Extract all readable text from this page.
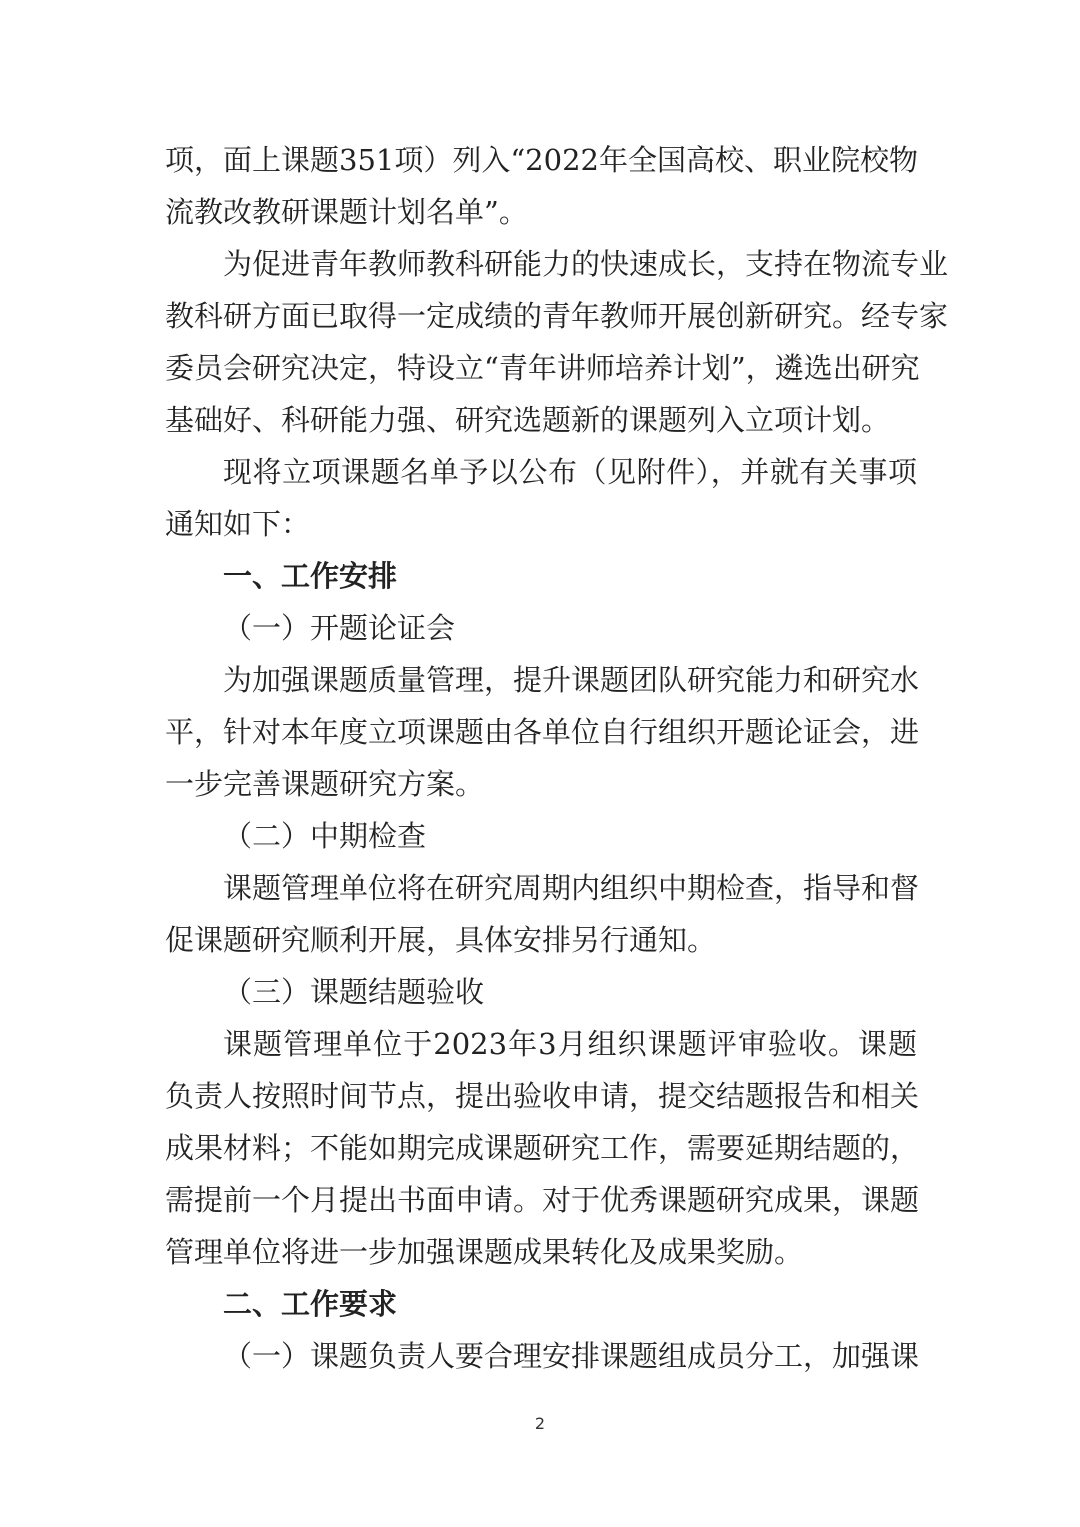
项，面上课题351项）列入“2022年全国高校、职业院校物
流教改教研课题计划名单”。
为促进青年教师教科研能力的快速成长，支持在物流专业
教科研方面已取得一定成绩的青年教师开展创新研究。经专家
委员会研究决定，特设立“青年讲师培养计划”，遴选出研究
基础好、科研能力强、研究选题新的课题列入立项计划。
现将立项课题名单予以公布（见附件），并就有关事项
通知如下：
一、工作安排
（一）开题论证会
为加强课题质量管理，提升课题团队研究能力和研究水
平，针对本年度立项课题由各单位自行组织开题论证会，进
一步完善课题研究方案。
（二）中期检查
课题管理单位将在研究周期内组织中期检查，指导和督
促课题研究顺利开展，具体安排另行通知。
（三）课题结题验收
课题管理单位于2023年3月组织课题评审验收。课题
负责人按照时间节点，提出验收申请，提交结题报告和相关
成果材料；不能如期完成课题研究工作，需要延期结题的，
需提前一个月提出书面申请。对于优秀课题研究成果，课题
管理单位将进一步加强课题成果转化及成果奖励。
二、工作要求
（一）课题负责人要合理安排课题组成员分工，加强课
2
